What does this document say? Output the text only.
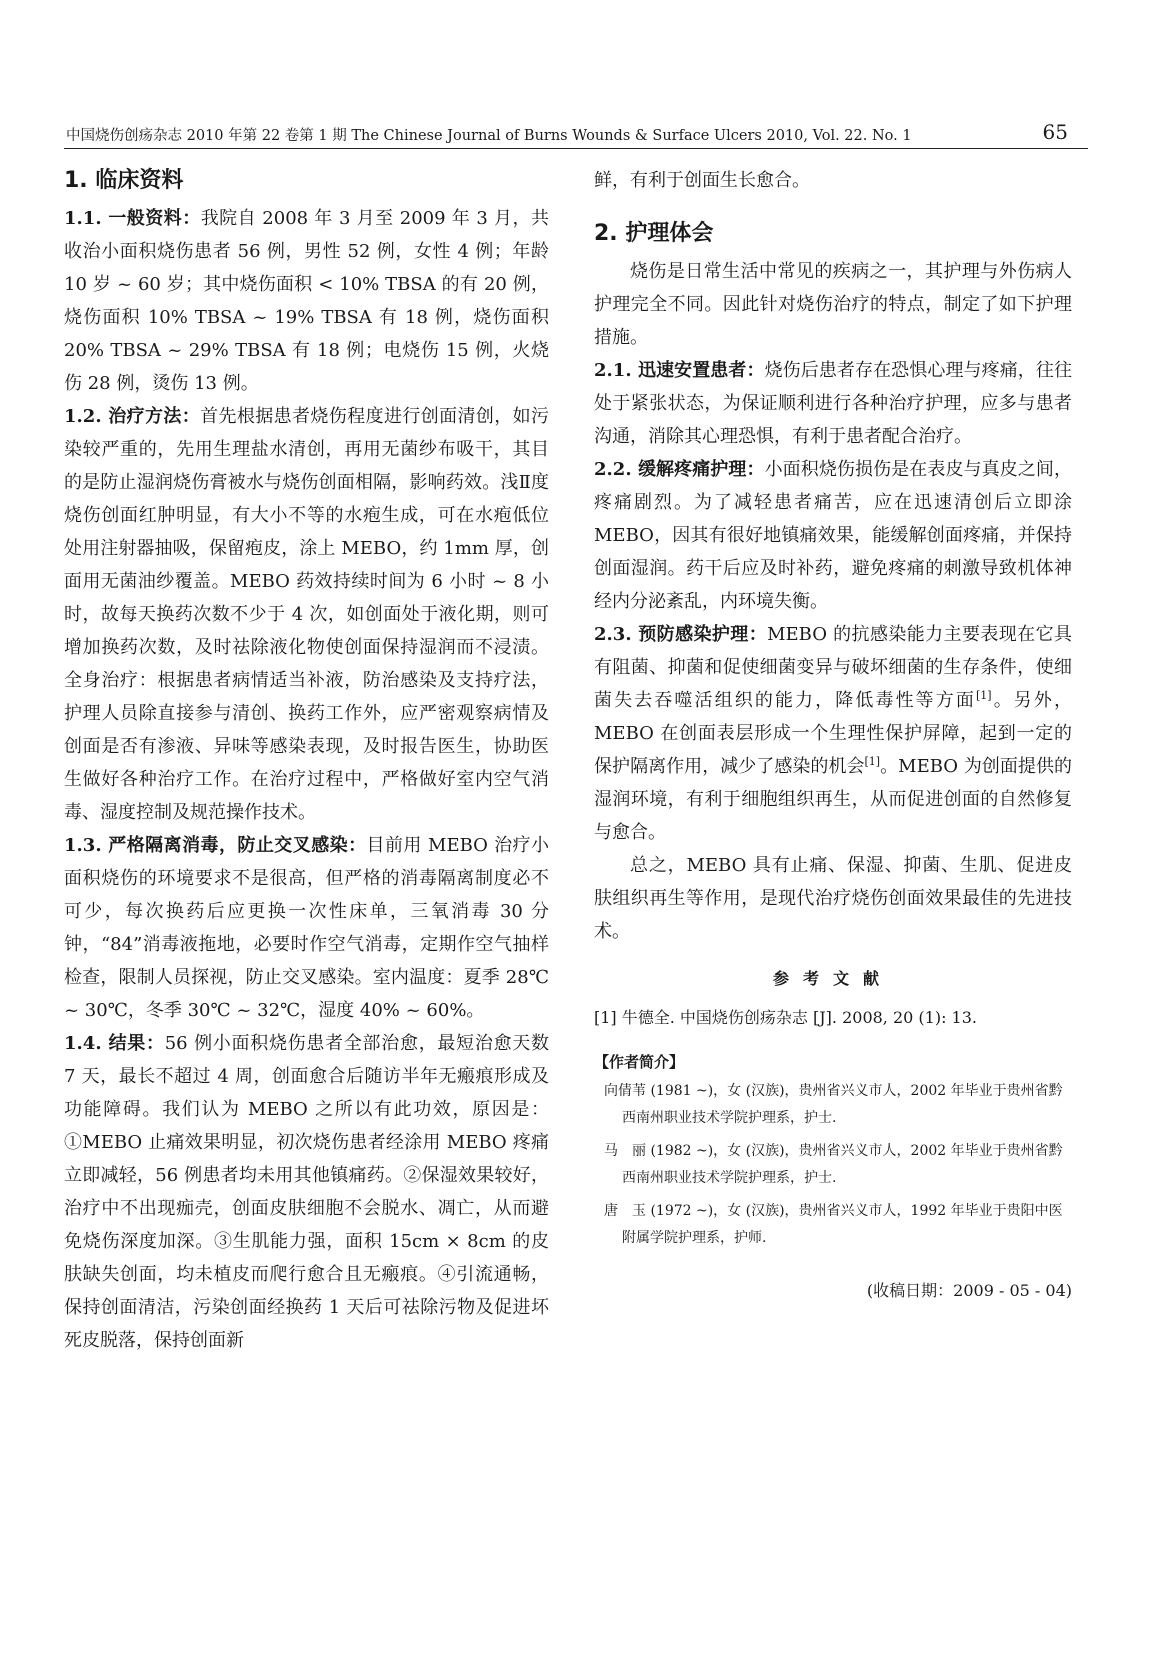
中国烧伤创疡杂志 2010 年第 22 卷第 1 期 The Chinese Journal of Burns Wounds & Surface Ulcers 2010, Vol. 22. No. 1	65
1. 临床资料

1.1. 一般资料：我院自 2008 年 3 月至 2009 年 3 月，共收治小面积烧伤患者 56 例，男性 52 例，女性 4 例；年龄 10 岁 ~ 60 岁；其中烧伤面积 < 10% TBSA 的有 20 例，烧伤面积 10% TBSA ~ 19% TBSA 有 18 例，烧伤面积 20% TBSA ~ 29% TBSA 有 18 例；电烧伤 15 例，火烧伤 28 例，烫伤 13 例。

1.2. 治疗方法：首先根据患者烧伤程度进行创面清创，如污染较严重的，先用生理盐水清创，再用无菌纱布吸干，其目的是防止湿润烧伤膏被水与烧伤创面相隔，影响药效。浅Ⅱ度烧伤创面红肿明显，有大小不等的水疱生成，可在水疱低位处用注射器抽吸，保留疱皮，涂上 MEBO，约 1mm 厚，创面用无菌油纱覆盖。MEBO 药效持续时间为 6 小时 ~ 8 小时，故每天换药次数不少于 4 次，如创面处于液化期，则可增加换药次数，及时祛除液化物使创面保持湿润而不浸渍。全身治疗：根据患者病情适当补液，防治感染及支持疗法，护理人员除直接参与清创、换药工作外，应严密观察病情及创面是否有渗液、异味等感染表现，及时报告医生，协助医生做好各种治疗工作。在治疗过程中，严格做好室内空气消毒、湿度控制及规范操作技术。

1.3. 严格隔离消毒，防止交叉感染：目前用 MEBO 治疗小面积烧伤的环境要求不是很高，但严格的消毒隔离制度必不可少，每次换药后应更换一次性床单，三氧消毒 30 分钟，“84”消毒液拖地，必要时作空气消毒，定期作空气抽样检查，限制人员探视，防止交叉感染。室内温度：夏季 28℃ ~ 30℃，冬季 30℃ ~ 32℃，湿度 40% ~ 60%。

1.4. 结果：56 例小面积烧伤患者全部治愈，最短治愈天数 7 天，最长不超过 4 周，创面愈合后随访半年无瘢痕形成及功能障碍。我们认为 MEBO 之所以有此功效，原因是：①MEBO 止痛效果明显，初次烧伤患者经涂用 MEBO 疼痛立即减轻，56 例患者均未用其他镇痛药。②保湿效果较好，治疗中不出现痂壳，创面皮肤细胞不会脱水、凋亡，从而避免烧伤深度加深。③生肌能力强，面积 15cm × 8cm 的皮肤缺失创面，均未植皮而爬行愈合且无瘢痕。④引流通畅，保持创面清洁，污染创面经换药 1 天后可祛除污物及促进坏死皮脱落，保持创面新

鲜，有利于创面生长愈合。

2. 护理体会

烧伤是日常生活中常见的疾病之一，其护理与外伤病人护理完全不同。因此针对烧伤治疗的特点，制定了如下护理措施。

2.1. 迅速安置患者：烧伤后患者存在恐惧心理与疼痛，往往处于紧张状态，为保证顺利进行各种治疗护理，应多与患者沟通，消除其心理恐惧，有利于患者配合治疗。

2.2. 缓解疼痛护理：小面积烧伤损伤是在表皮与真皮之间，疼痛剧烈。为了减轻患者痛苦，应在迅速清创后立即涂 MEBO，因其有很好地镇痛效果，能缓解创面疼痛，并保持创面湿润。药干后应及时补药，避免疼痛的刺激导致机体神经内分泌紊乱，内环境失衡。

2.3. 预防感染护理：MEBO 的抗感染能力主要表现在它具有阻菌、抑菌和促使细菌变异与破坏细菌的生存条件，使细菌失去吞噬活组织的能力，降低毒性等方面[1]。另外，MEBO 在创面表层形成一个生理性保护屏障，起到一定的保护隔离作用，减少了感染的机会[1]。MEBO 为创面提供的湿润环境，有利于细胞组织再生，从而促进创面的自然修复与愈合。

总之，MEBO 具有止痛、保湿、抑菌、生肌、促进皮肤组织再生等作用，是现代治疗烧伤创面效果最佳的先进技术。

参考文献
[1] 牛德全. 中国烧伤创疡杂志 [J]. 2008, 20 (1): 13.
【作者简介】
向倩苇 (1981 ~)，女 (汉族)，贵州省兴义市人，2002 年毕业于贵州省黔西南州职业技术学院护理系，护士.
马　丽 (1982 ~)，女 (汉族)，贵州省兴义市人，2002 年毕业于贵州省黔西南州职业技术学院护理系，护士.
唐　玉 (1972 ~)，女 (汉族)，贵州省兴义市人，1992 年毕业于贵阳中医附属学院护理系，护师.
(收稿日期：2009 - 05 - 04)
